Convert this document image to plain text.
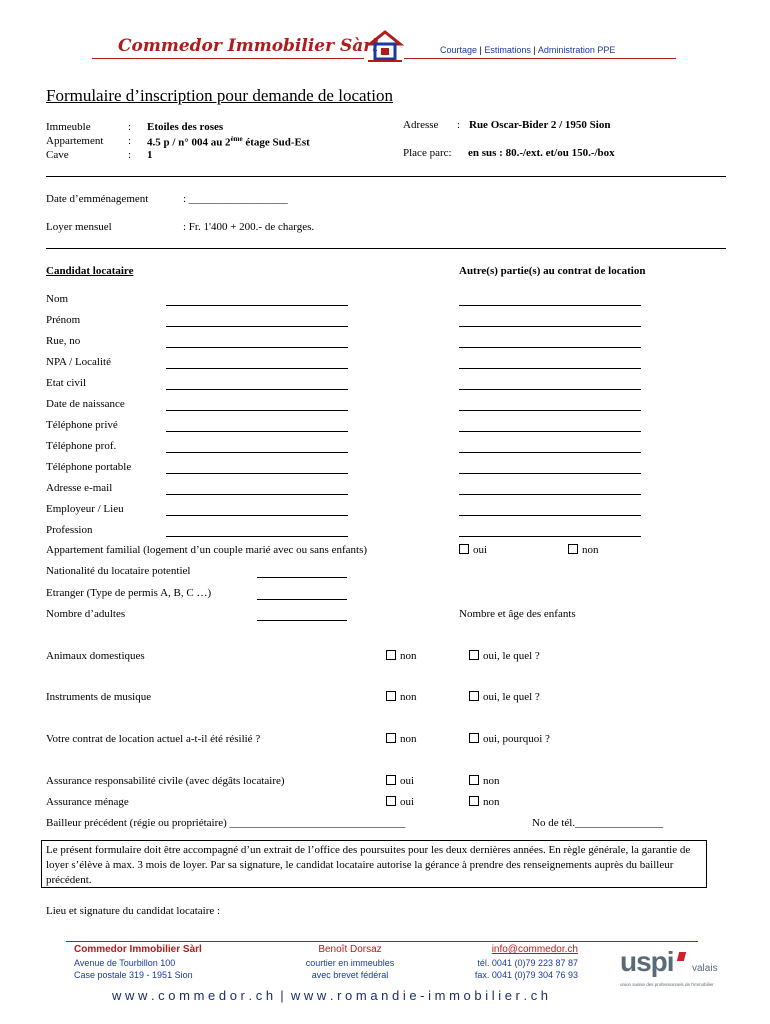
Commedor Immobilier Sàrl	Courtage | Estimations | Administration PPE
Formulaire d’inscription pour demande de location
Immeuble	: Etoiles des roses
Appartement : 4.5 p / n° 004 au 2ème étage Sud-Est
Cave	: 1
Adresse : Rue Oscar-Bider 2 / 1950 Sion
Place parc: en sus : 80.-/ext. et/ou 150.-/box
Date d’emménagement	: __________________
Loyer mensuel	: Fr. 1'400 + 200.- de charges.
Candidat locataire	Autre(s) partie(s) au contrat de location
Nom
Prénom
Rue, no
NPA / Localité
Etat civil
Date de naissance
Téléphone privé
Téléphone prof.
Téléphone portable
Adresse e-mail
Employeur / Lieu
Profession
Appartement familial (logement d’un couple marié avec ou sans enfants)	oui	non
Nationalité du locataire potentiel
Etranger (Type de permis A, B, C …)
Nombre d’adultes	Nombre et âge des enfants
Animaux domestiques	non	oui, le quel ?
Instruments de musique	non	oui, le quel ?
Votre contrat de location actuel a-t-il été résilié ?	non	oui, pourquoi ?
Assurance responsabilité civile (avec dégâts locataire)	oui	non
Assurance ménage	oui	non
Bailleur précédent (régie ou propriétaire) ________________________________	No de tél.________________
Le présent formulaire doit être accompagné d’un extrait de l’office des poursuites pour les deux dernières années. En règle générale, la garantie de loyer s’élève à max. 3 mois de loyer. Par sa signature, le candidat locataire autorise la gérance à prendre des renseignements auprès du bailleur précédent.
Lieu et signature du candidat locataire :
Commedor Immobilier Sàrl
Avenue de Tourbillon 100
Case postale 319 - 1951 Sion
Benoît Dorsaz
courtier en immeubles
avec brevet fédéral
info@commedor.ch
tél. 0041 (0)79 223 87 87
fax. 0041 (0)79 304 76 93 uspi valais
union suisse des professionnels de l'immobilier
w w w . c o m m e d o r . c h  |  w w w . r o m a n d i e - i m m o b i l i e r . c h
